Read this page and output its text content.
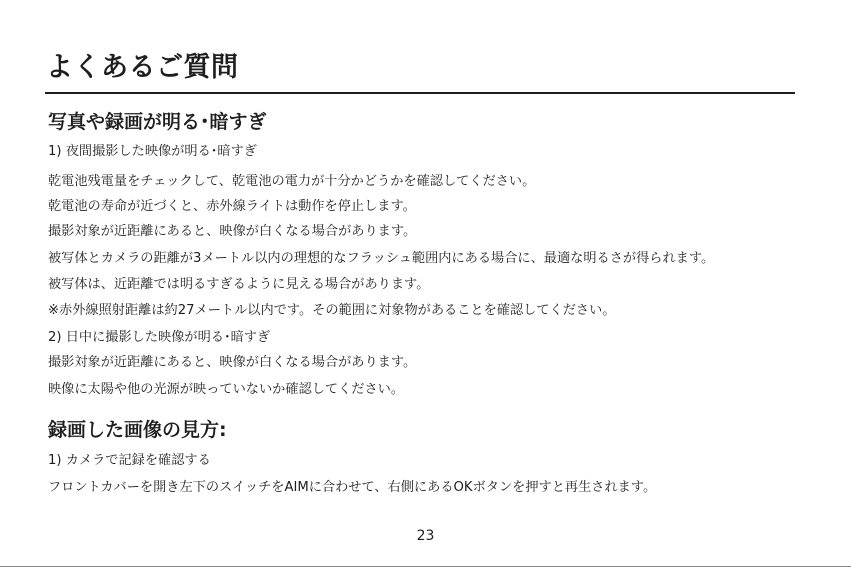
よくあるご質問
写真や録画が明る･暗すぎ
1) 夜間撮影した映像が明る･暗すぎ
乾電池残電量をチェックして、乾電池の電力が十分かどうかを確認してください。
乾電池の寿命が近づくと、赤外線ライトは動作を停止します。
撮影対象が近距離にあると、映像が白くなる場合があります。
被写体とカメラの距離が3メートル以内の理想的なフラッシュ範囲内にある場合に、最適な明るさが得られます。
被写体は、近距離では明るすぎるように見える場合があります。
※赤外線照射距離は約27メートル以内です。その範囲に対象物があることを確認してください。
2) 日中に撮影した映像が明る･暗すぎ
撮影対象が近距離にあると、映像が白くなる場合があります。
映像に太陽や他の光源が映っていないか確認してください。
録画した画像の見方:
1) カメラで記録を確認する
フロントカバーを開き左下のスイッチをAIMに合わせて、右側にあるOKボタンを押すと再生されます。
23
